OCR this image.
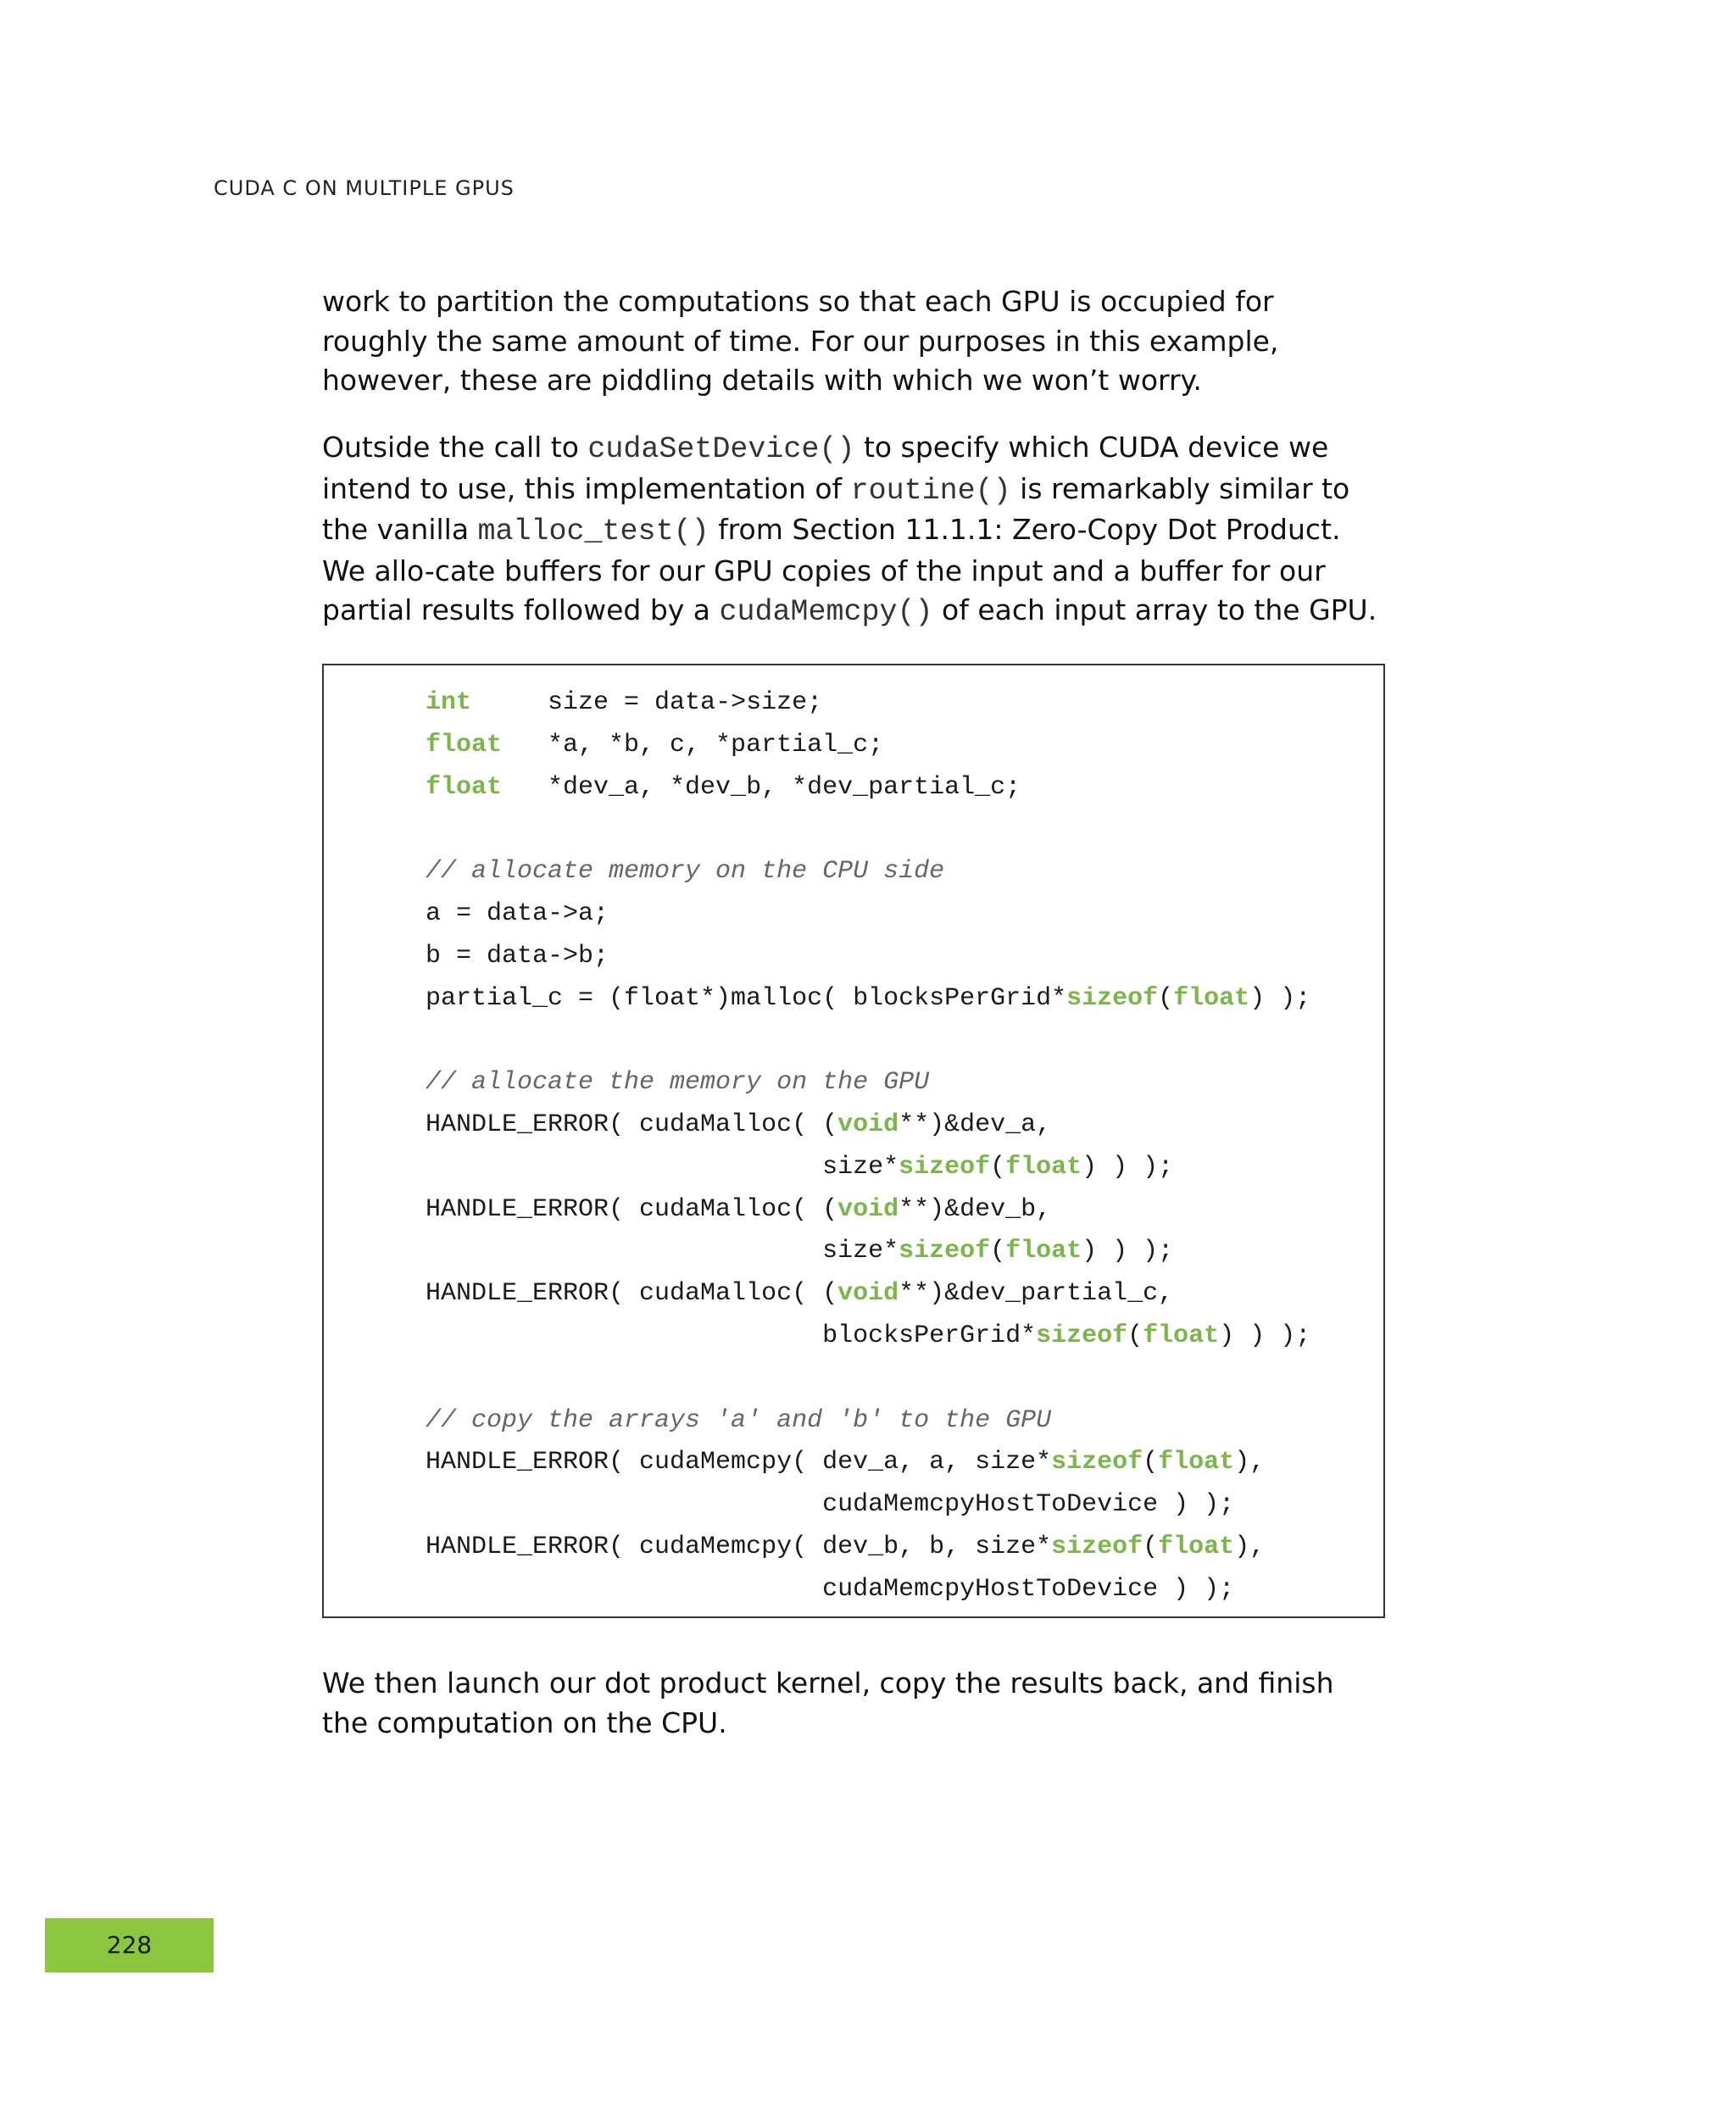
CUDA C ON MULTIPLE GPUS

work to partition the computations so that each GPU is occupied for roughly the same amount of time. For our purposes in this example, however, these are piddling details with which we won’t worry.

Outside the call to cudaSetDevice() to specify which CUDA device we intend to use, this implementation of routine() is remarkably similar to the vanilla malloc_test() from Section 11.1.1: Zero-Copy Dot Product. We allo-cate buffers for our GPU copies of the input and a buffer for our partial results followed by a cudaMemcpy() of each input array to the GPU.

int     size = data->size;
float   *a, *b, c, *partial_c;
float   *dev_a, *dev_b, *dev_partial_c;

// allocate memory on the CPU side
a = data->a;
b = data->b;
partial_c = (float*)malloc( blocksPerGrid*sizeof(float) );

// allocate the memory on the GPU
HANDLE_ERROR( cudaMalloc( (void**)&dev_a,
size*sizeof(float) ) );
HANDLE_ERROR( cudaMalloc( (void**)&dev_b,
size*sizeof(float) ) );
HANDLE_ERROR( cudaMalloc( (void**)&dev_partial_c,
blocksPerGrid*sizeof(float) ) );

// copy the arrays 'a' and 'b' to the GPU
HANDLE_ERROR( cudaMemcpy( dev_a, a, size*sizeof(float),
cudaMemcpyHostToDevice ) );
HANDLE_ERROR( cudaMemcpy( dev_b, b, size*sizeof(float),
cudaMemcpyHostToDevice ) );

We then launch our dot product kernel, copy the results back, and finish the computation on the CPU.

228
